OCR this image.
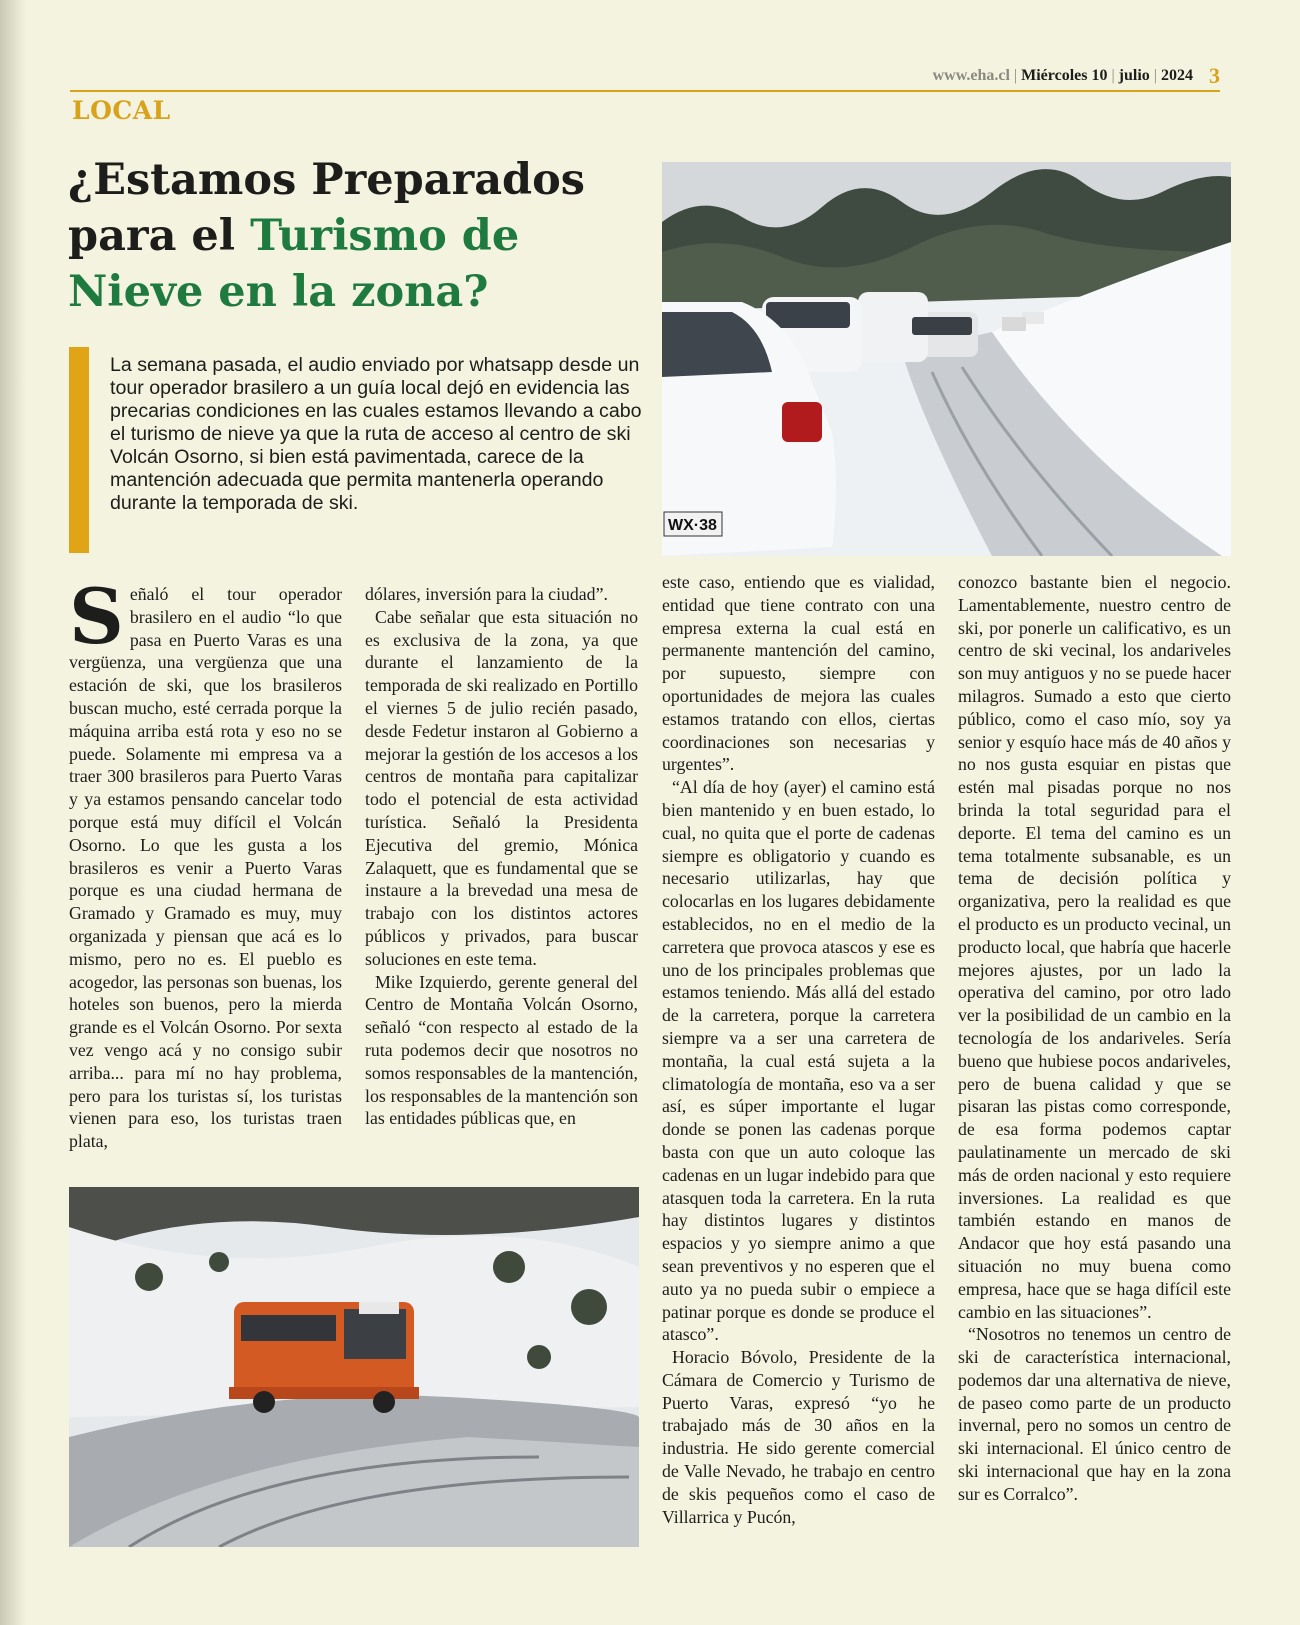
www.eha.cl | Miércoles 10 | julio | 2024 3
LOCAL
¿Estamos Preparados
para el Turismo de
Nieve en la zona?
La semana pasada, el audio enviado por whatsapp desde un tour operador brasilero a un guía local dejó en evidencia las precarias condiciones en las cuales estamos llevando a cabo el turismo de nieve ya que la ruta de acceso al centro de ski Volcán Osorno, si bien está pavimentada, carece de la mantención adecuada que permita mantenerla operando durante la temporada de ski.
WX·38

Señaló el tour operador brasilero en el audio “lo que pasa en Puerto Varas es una vergüenza, una vergüenza que una estación de ski, que los brasileros buscan mucho, esté cerrada porque la máquina arriba está rota y eso no se puede. Solamente mi empresa va a traer 300 brasileros para Puerto Varas y ya estamos pensando cancelar todo porque está muy difícil el Volcán Osorno. Lo que les gusta a los brasileros es venir a Puerto Varas porque es una ciudad hermana de Gramado y Gramado es muy, muy organizada y piensan que acá es lo mismo, pero no es. El pueblo es acogedor, las personas son buenas, los hoteles son buenos, pero la mierda grande es el Volcán Osorno. Por sexta vez vengo acá y no consigo subir arriba... para mí no hay problema, pero para los turistas sí, los turistas vienen para eso, los turistas traen plata,

dólares, inversión para la ciudad”.

Cabe señalar que esta situación no es exclusiva de la zona, ya que durante el lanzamiento de la temporada de ski realizado en Portillo el viernes 5 de julio recién pasado, desde Fedetur instaron al Gobierno a mejorar la gestión de los accesos a los centros de montaña para capitalizar todo el potencial de esta actividad turística. Señaló la Presidenta Ejecutiva del gremio, Mónica Zalaquett, que es fundamental que se instaure a la brevedad una mesa de trabajo con los distintos actores públicos y privados, para buscar soluciones en este tema.

Mike Izquierdo, gerente general del Centro de Montaña Volcán Osorno, señaló “con respecto al estado de la ruta podemos decir que nosotros no somos responsables de la mantención, los responsables de la mantención son las entidades públicas que, en

este caso, entiendo que es vialidad, entidad que tiene contrato con una empresa externa la cual está en permanente mantención del camino, por supuesto, siempre con oportunidades de mejora las cuales estamos tratando con ellos, ciertas coordinaciones son necesarias y urgentes”.

“Al día de hoy (ayer) el camino está bien mantenido y en buen estado, lo cual, no quita que el porte de cadenas siempre es obligatorio y cuando es necesario utilizarlas, hay que colocarlas en los lugares debidamente establecidos, no en el medio de la carretera que provoca atascos y ese es uno de los principales problemas que estamos teniendo. Más allá del estado de la carretera, porque la carretera siempre va a ser una carretera de montaña, la cual está sujeta a la climatología de montaña, eso va a ser así, es súper importante el lugar donde se ponen las cadenas porque basta con que un auto coloque las cadenas en un lugar indebido para que atasquen toda la carretera. En la ruta hay distintos lugares y distintos espacios y yo siempre animo a que sean preventivos y no esperen que el auto ya no pueda subir o empiece a patinar porque es donde se produce el atasco”.

Horacio Bóvolo, Presidente de la Cámara de Comercio y Turismo de Puerto Varas, expresó “yo he trabajado más de 30 años en la industria. He sido gerente comercial de Valle Nevado, he trabajo en centro de skis pequeños como el caso de Villarrica y Pucón,

conozco bastante bien el negocio. Lamentablemente, nuestro centro de ski, por ponerle un calificativo, es un centro de ski vecinal, los andariveles son muy antiguos y no se puede hacer milagros. Sumado a esto que cierto público, como el caso mío, soy ya senior y esquío hace más de 40 años y no nos gusta esquiar en pistas que estén mal pisadas porque no nos brinda la total seguridad para el deporte. El tema del camino es un tema totalmente subsanable, es un tema de decisión política y organizativa, pero la realidad es que el producto es un producto vecinal, un producto local, que habría que hacerle mejores ajustes, por un lado la operativa del camino, por otro lado ver la posibilidad de un cambio en la tecnología de los andariveles. Sería bueno que hubiese pocos andariveles, pero de buena calidad y que se pisaran las pistas como corresponde, de esa forma podemos captar paulatinamente un mercado de ski más de orden nacional y esto requiere inversiones. La realidad es que también estando en manos de Andacor que hoy está pasando una situación no muy buena como empresa, hace que se haga difícil este cambio en las situaciones”.

“Nosotros no tenemos un centro de ski de característica internacional, podemos dar una alternativa de nieve, de paseo como parte de un producto invernal, pero no somos un centro de ski internacional. El único centro de ski internacional que hay en la zona sur es Corralco”.
